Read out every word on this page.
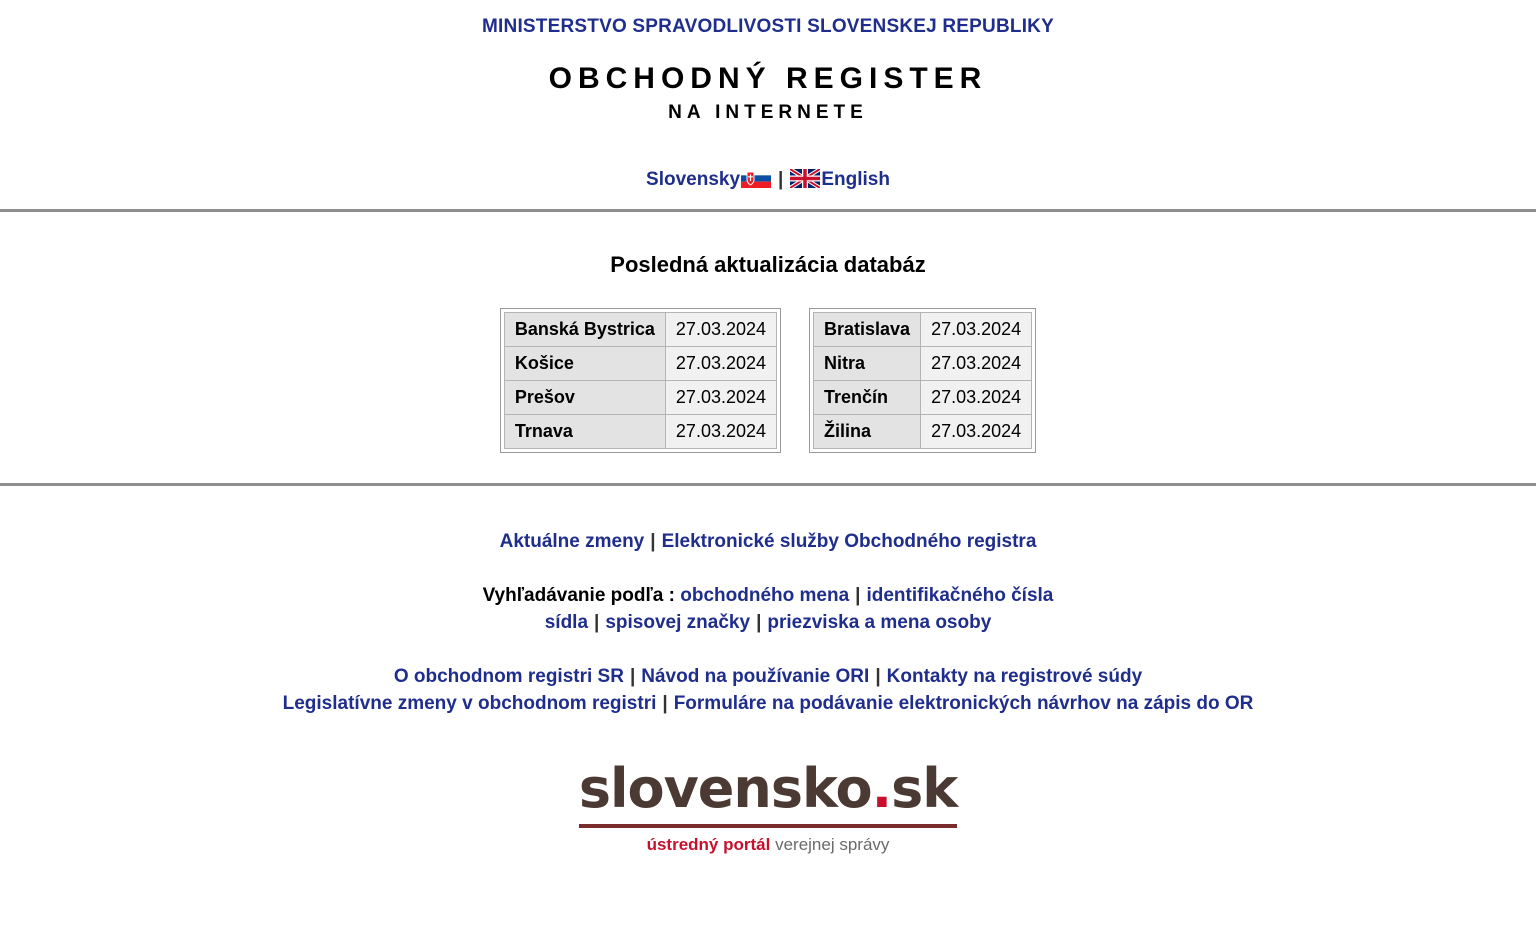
MINISTERSTVO SPRAVODLIVOSTI SLOVENSKEJ REPUBLIKY
OBCHODNÝ REGISTER
NA INTERNETE
Slovensky | English
Posledná aktualizácia databáz
Banská Bystrica	27.03.2024
Košice	27.03.2024
Prešov	27.03.2024
Trnava	27.03.2024
Bratislava	27.03.2024
Nitra	27.03.2024
Trenčín	27.03.2024
Žilina	27.03.2024
Aktuálne zmeny | Elektronické služby Obchodného registra
Vyhľadávanie podľa : obchodného mena | identifikačného čísla
sídla | spisovej značky | priezviska a mena osoby
O obchodnom registri SR | Návod na používanie ORI | Kontakty na registrové súdy
Legislatívne zmeny v obchodnom registri | Formuláre na podávanie elektronických návrhov na zápis do OR
slovensko.sk
ústredný portál verejnej správy
